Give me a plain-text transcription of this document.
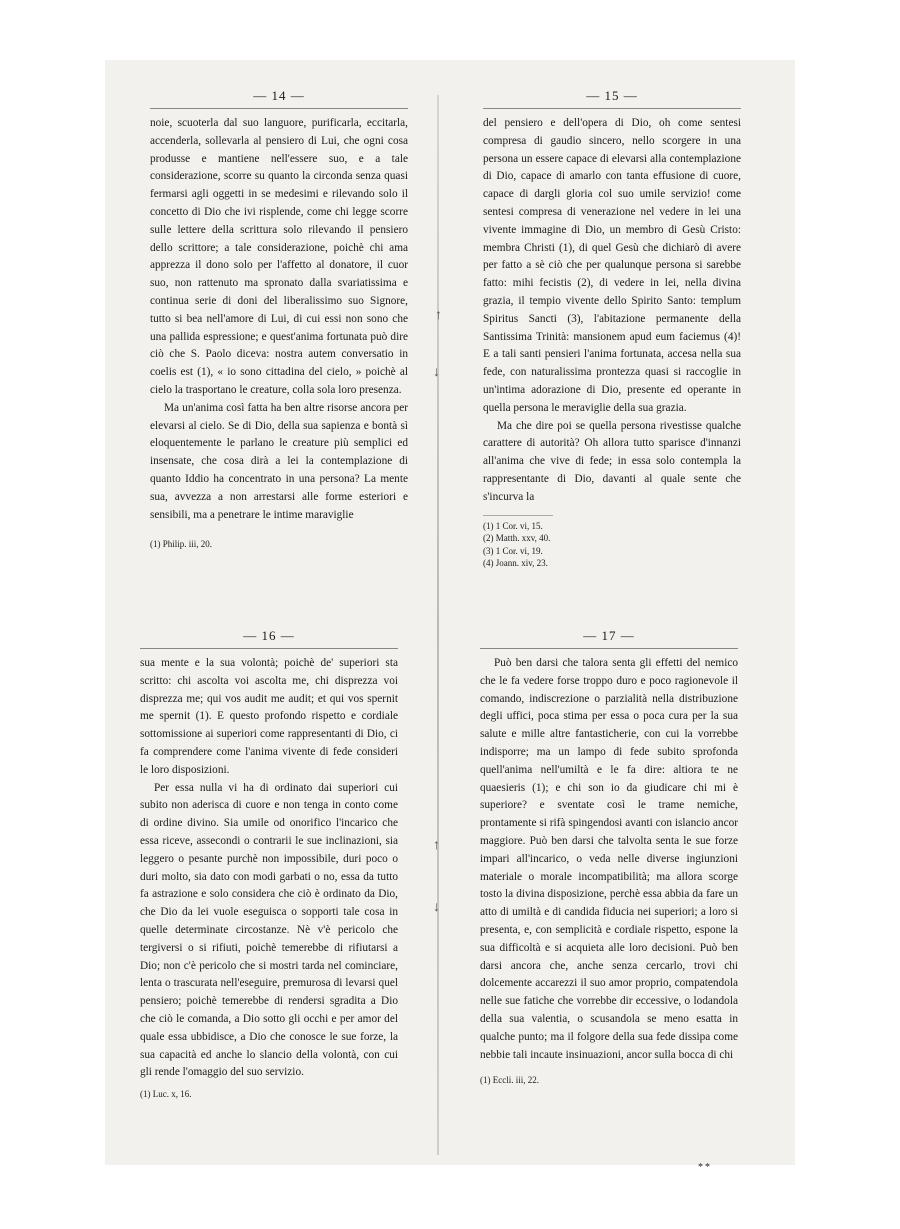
↑
↓
↑
↓
— 14 —

noie, scuoterla dal suo languore, purificarla, eccitarla, accenderla, sollevarla al pensiero di Lui, che ogni cosa produsse e mantiene nell'essere suo, e a tale considerazione, scorre su quanto la circonda senza quasi fermarsi agli oggetti in se medesimi e rilevando solo il concetto di Dio che ivi risplende, come chi legge scorre sulle lettere della scrittura solo rilevando il pensiero dello scrittore; a tale considerazione, poichè chi ama apprezza il dono solo per l'affetto al donatore, il cuor suo, non rattenuto ma spronato dalla svariatissima e continua serie di doni del liberalissimo suo Signore, tutto si bea nell'amore di Lui, di cui essi non sono che una pallida espressione; e quest'anima fortunata può dire ciò che S. Paolo diceva: nostra autem conversatio in coelis est (1), « io sono cittadina del cielo, » poichè al cielo la trasportano le creature, colla sola loro presenza.

Ma un'anima così fatta ha ben altre risorse ancora per elevarsi al cielo. Se di Dio, della sua sapienza e bontà sì eloquentemente le parlano le creature più semplici ed insensate, che cosa dirà a lei la contemplazione di quanto Iddio ha concentrato in una persona? La mente sua, avvezza a non arrestarsi alle forme esteriori e sensibili, ma a penetrare le intime maraviglie

(1) Philip. iii, 20.
— 15 —

del pensiero e dell'opera di Dio, oh come sentesi compresa di gaudio sincero, nello scorgere in una persona un essere capace di elevarsi alla contemplazione di Dio, capace di amarlo con tanta effusione di cuore, capace di dargli gloria col suo umile servizio! come sentesi compresa di venerazione nel vedere in lei una vivente immagine di Dio, un membro di Gesù Cristo: membra Christi (1), di quel Gesù che dichiarò di avere per fatto a sè ciò che per qualunque persona si sarebbe fatto: mihi fecistis (2), di vedere in lei, nella divina grazia, il tempio vivente dello Spirito Santo: templum Spiritus Sancti (3), l'abitazione permanente della Santissima Trinità: mansionem apud eum faciemus (4)! E a tali santi pensieri l'anima fortunata, accesa nella sua fede, con naturalissima prontezza quasi si raccoglie in un'intima adorazione di Dio, presente ed operante in quella persona le meraviglie della sua grazia.

Ma che dire poi se quella persona rivestisse qualche carattere di autorità? Oh allora tutto sparisce d'innanzi all'anima che vive di fede; in essa solo contempla la rappresentante di Dio, davanti al quale sente che s'incurva la

(1) 1 Cor. vi, 15.
(2) Matth. xxv, 40.
(3) 1 Cor. vi, 19.
(4) Joann. xiv, 23.
— 16 —

sua mente e la sua volontà; poichè de' superiori sta scritto: chi ascolta voi ascolta me, chi disprezza voi disprezza me; qui vos audit me audit; et qui vos spernit me spernit (1). E questo profondo rispetto e cordiale sottomissione ai superiori come rappresentanti di Dio, ci fa comprendere come l'anima vivente di fede consideri le loro disposizioni.

Per essa nulla vi ha di ordinato dai superiori cui subito non aderisca di cuore e non tenga in conto come di ordine divino. Sia umile od onorifico l'incarico che essa riceve, assecondi o contrarii le sue inclinazioni, sia leggero o pesante purchè non impossibile, duri poco o duri molto, sia dato con modi garbati o no, essa da tutto fa astrazione e solo considera che ciò è ordinato da Dio, che Dio da lei vuole eseguisca o sopporti tale cosa in quelle determinate circostanze. Nè v'è pericolo che tergiversi o si rifiuti, poichè temerebbe di rifiutarsi a Dio; non c'è pericolo che si mostri tarda nel cominciare, lenta o trascurata nell'eseguire, premurosa di levarsi quel pensiero; poichè temerebbe di rendersi sgradita a Dio che ciò le comanda, a Dio sotto gli occhi e per amor del quale essa ubbidisce, a Dio che conosce le sue forze, la sua capacità ed anche lo slancio della volontà, con cui gli rende l'omaggio del suo servizio.

(1) Luc. x, 16.
— 17 —

Può ben darsi che talora senta gli effetti del nemico che le fa vedere forse troppo duro e poco ragionevole il comando, indiscrezione o parzialità nella distribuzione degli uffici, poca stima per essa o poca cura per la sua salute e mille altre fantasticherie, con cui la vorrebbe indisporre; ma un lampo di fede subito sprofonda quell'anima nell'umiltà e le fa dire: altiora te ne quaesieris (1); e chi son io da giudicare chi mi è superiore? e sventate così le trame nemiche, prontamente si rifà spingendosi avanti con islancio ancor maggiore. Può ben darsi che talvolta senta le sue forze impari all'incarico, o veda nelle diverse ingiunzioni materiale o morale incompatibilità; ma allora scorge tosto la divina disposizione, perchè essa abbia da fare un atto di umiltà e di candida fiducia nei superiori; a loro si presenta, e, con semplicità e cordiale rispetto, espone la sua difficoltà e si acquieta alle loro decisioni. Può ben darsi ancora che, anche senza cercarlo, trovi chi dolcemente accarezzi il suo amor proprio, compatendola nelle sue fatiche che vorrebbe dir eccessive, o lodandola della sua valentia, o scusandola se meno esatta in qualche punto; ma il folgore della sua fede dissipa come nebbie tali incaute insinuazioni, ancor sulla bocca di chi

(1) Eccli. iii, 22.
**
